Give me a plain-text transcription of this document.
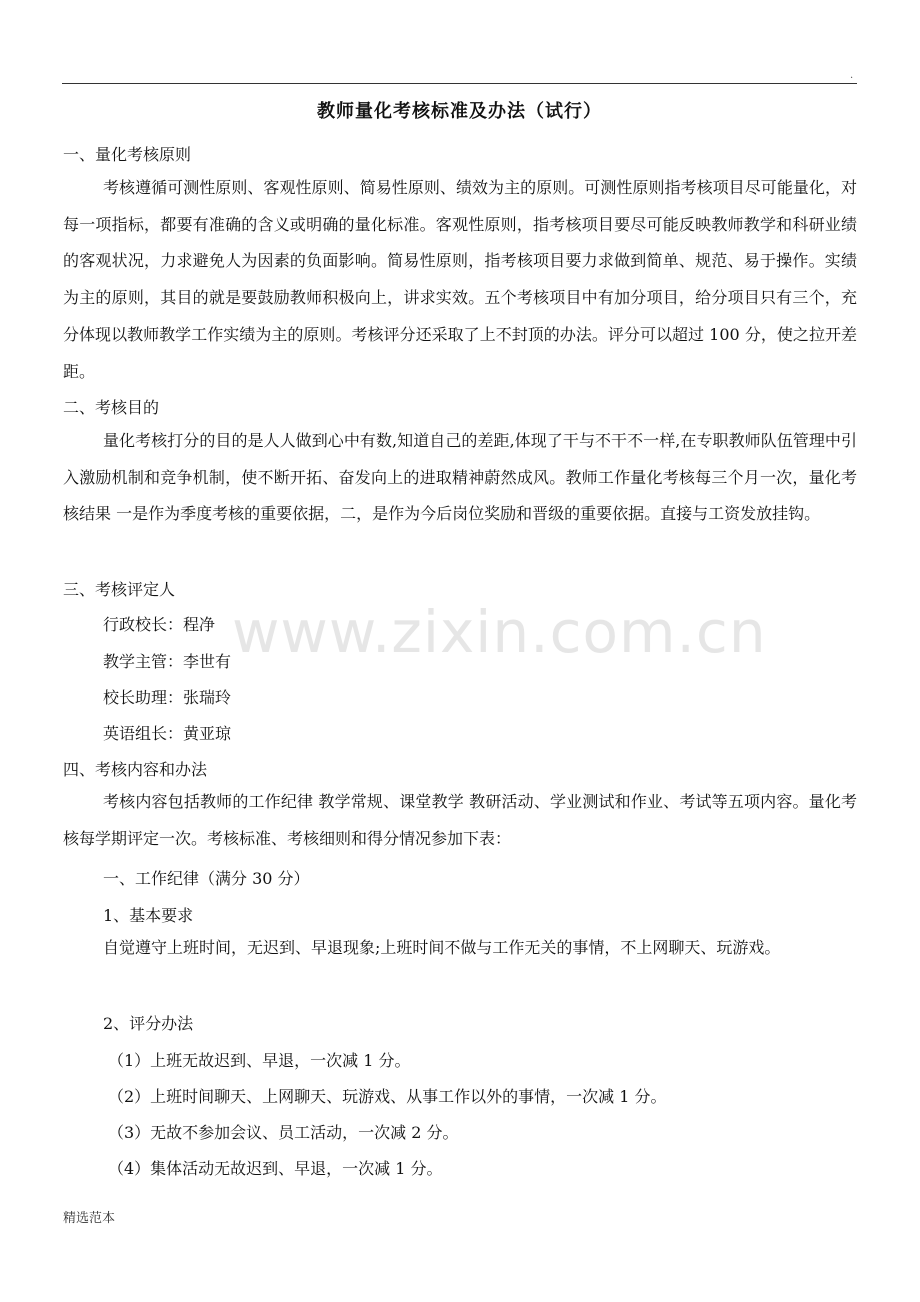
.
教师量化考核标准及办法（试行）
一、量化考核原则

考核遵循可测性原则、客观性原则、简易性原则、绩效为主的原则。可测性原则指考核项目尽可能量化，对每一项指标，都要有准确的含义或明确的量化标准。客观性原则，指考核项目要尽可能反映教师教学和科研业绩的客观状况，力求避免人为因素的负面影响。简易性原则，指考核项目要力求做到简单、规范、易于操作。实绩为主的原则，其目的就是要鼓励教师积极向上，讲求实效。五个考核项目中有加分项目，给分项目只有三个，充分体现以教师教学工作实绩为主的原则。考核评分还采取了上不封顶的办法。评分可以超过 100 分，使之拉开差距。

二、考核目的

量化考核打分的目的是人人做到心中有数,知道自己的差距,体现了干与不干不一样,在专职教师队伍管理中引入激励机制和竞争机制，使不断开拓、奋发向上的进取精神蔚然成风。教师工作量化考核每三个月一次，量化考核结果 一是作为季度考核的重要依据，二，是作为今后岗位奖励和晋级的重要依据。直接与工资发放挂钩。

三、考核评定人
行政校长：程净
教学主管：李世有
校长助理：张瑞玲
英语组长：黄亚琼
四、考核内容和办法

考核内容包括教师的工作纪律 教学常规、课堂教学 教研活动、学业测试和作业、考试等五项内容。量化考核每学期评定一次。考核标准、考核细则和得分情况参加下表：

一、工作纪律（满分 30 分）
1、基本要求

自觉遵守上班时间，无迟到、早退现象;上班时间不做与工作无关的事情，不上网聊天、玩游戏。

2、评分办法
（1）上班无故迟到、早退，一次减 1 分。
（2）上班时间聊天、上网聊天、玩游戏、从事工作以外的事情，一次减 1 分。
（3）无故不参加会议、员工活动，一次减 2 分。
（4）集体活动无故迟到、早退，一次减 1 分。
精选范本
www.zixin.com.cn
